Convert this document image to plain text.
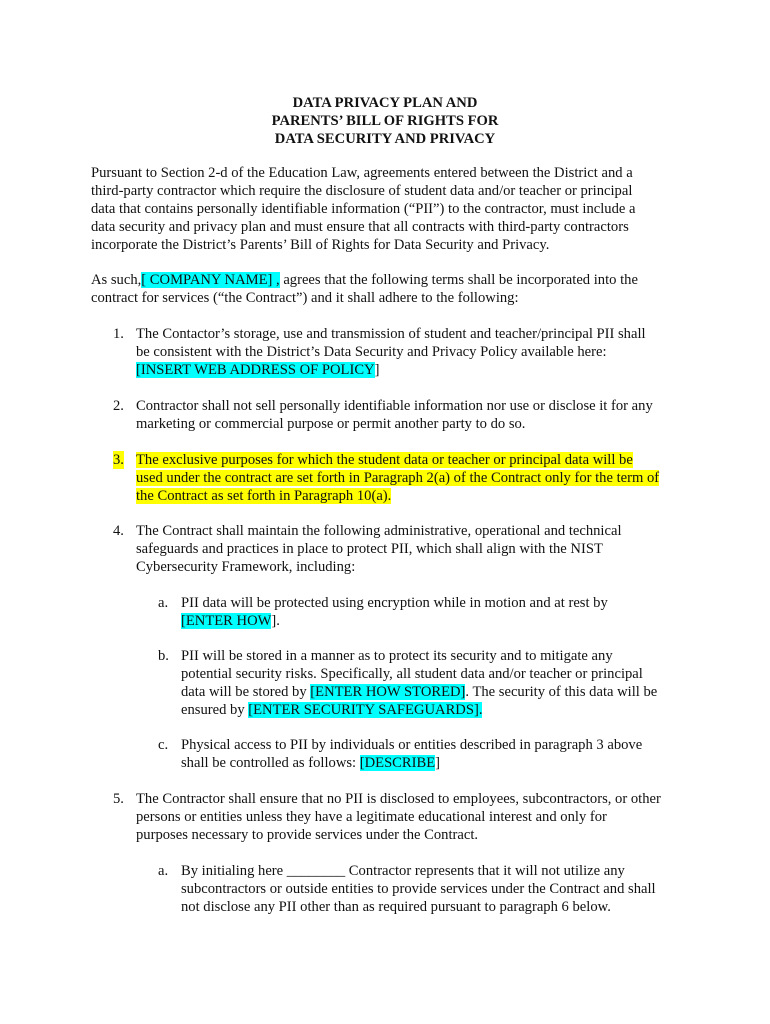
DATA PRIVACY PLAN AND
PARENTS’ BILL OF RIGHTS FOR
DATA SECURITY AND PRIVACY
Pursuant to Section 2-d of the Education Law, agreements entered between the District and a
third-party contractor which require the disclosure of student data and/or teacher or principal
data that contains personally identifiable information (“PII”) to the contractor, must include a
data security and privacy plan and must ensure that all contracts with third-party contractors
incorporate the District’s Parents’ Bill of Rights for Data Security and Privacy.
As such,[ COMPANY NAME] , agrees that the following terms shall be incorporated into the
contract for services (“the Contract”) and it shall adhere to the following:
1. The Contactor’s storage, use and transmission of student and teacher/principal PII shall
be consistent with the District’s Data Security and Privacy Policy available here:
[INSERT WEB ADDRESS OF POLICY]
2. Contractor shall not sell personally identifiable information nor use or disclose it for any
marketing or commercial purpose or permit another party to do so.
3. The exclusive purposes for which the student data or teacher or principal data will be
used under the contract are set forth in Paragraph 2(a) of the Contract only for the term of
the Contract as set forth in Paragraph 10(a).
4. The Contract shall maintain the following administrative, operational and technical
safeguards and practices in place to protect PII, which shall align with the NIST
Cybersecurity Framework, including:
a. PII data will be protected using encryption while in motion and at rest by
[ENTER HOW].
b. PII will be stored in a manner as to protect its security and to mitigate any
potential security risks. Specifically, all student data and/or teacher or principal
data will be stored by [ENTER HOW STORED]. The security of this data will be
ensured by [ENTER SECURITY SAFEGUARDS].
c. Physical access to PII by individuals or entities described in paragraph 3 above
shall be controlled as follows: [DESCRIBE]
5. The Contractor shall ensure that no PII is disclosed to employees, subcontractors, or other
persons or entities unless they have a legitimate educational interest and only for
purposes necessary to provide services under the Contract.
a. By initialing here ________ Contractor represents that it will not utilize any
subcontractors or outside entities to provide services under the Contract and shall
not disclose any PII other than as required pursuant to paragraph 6 below.
